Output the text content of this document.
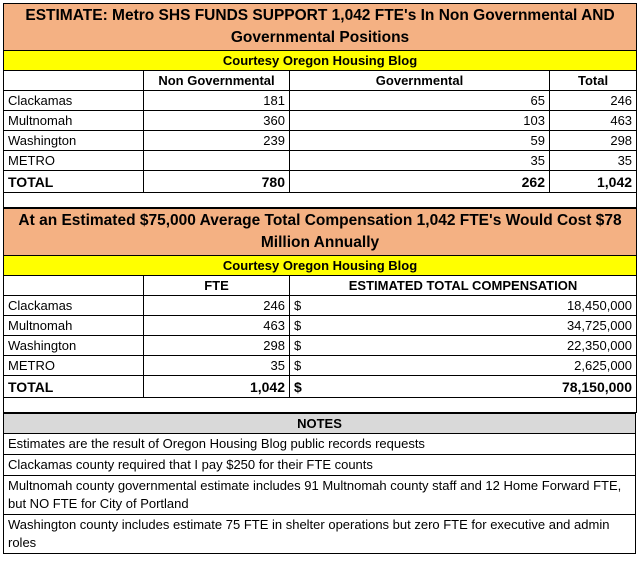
ESTIMATE: Metro SHS FUNDS SUPPORT 1,042 FTE's In Non Governmental AND Governmental Positions			
Courtesy Oregon Housing Blog			
	Non Governmental	Governmental	Total
Clackamas	181	65	246
Multnomah	360	103	463
Washington	239	59	298
METRO		35	35
TOTAL	780	262	1,042

At an Estimated $75,000 Average Total Compensation 1,042 FTE's Would Cost $78 Million Annually			
Courtesy Oregon Housing Blog			
	FTE	ESTIMATED TOTAL COMPENSATION	
Clackamas	246	$	18,450,000
Multnomah	463	$	34,725,000
Washington	298	$	22,350,000
METRO	35	$	2,625,000
TOTAL	1,042	$	78,150,000

NOTES
Estimates are the result of Oregon Housing Blog public records requests
Clackamas county required that I pay $250 for their FTE counts
Multnomah county governmental estimate includes 91 Multnomah county staff and 12 Home Forward FTE, but NO FTE for City of Portland
Washington county includes estimate 75 FTE in shelter operations but zero FTE for executive and admin roles
